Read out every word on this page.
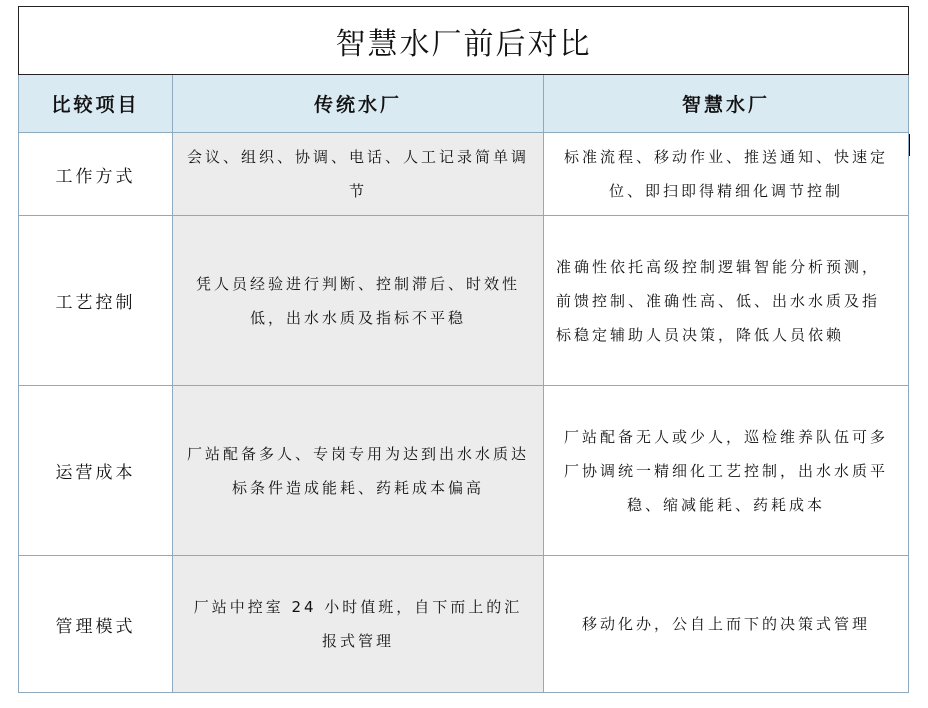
智慧水厂前后对比		
比较项目	传统水厂	智慧水厂
工作方式	会议、组织、协调、电话、人工记录简单调节	标准流程、移动作业、推送通知、快速定位、即扫即得精细化调节控制
工艺控制	凭人员经验进行判断、控制滞后、时效性低，出水水质及指标不平稳	准确性依托高级控制逻辑智能分析预测，前馈控制、准确性高、低、出水水质及指标稳定辅助人员决策，降低人员依赖
运营成本	厂站配备多人、专岗专用为达到出水水质达标条件造成能耗、药耗成本偏高	厂站配备无人或少人，巡检维养队伍可多厂协调统一精细化工艺控制，出水水质平稳、缩减能耗、药耗成本
管理模式	厂站中控室 24 小时值班，自下而上的汇报式管理	移动化办，公自上而下的决策式管理
